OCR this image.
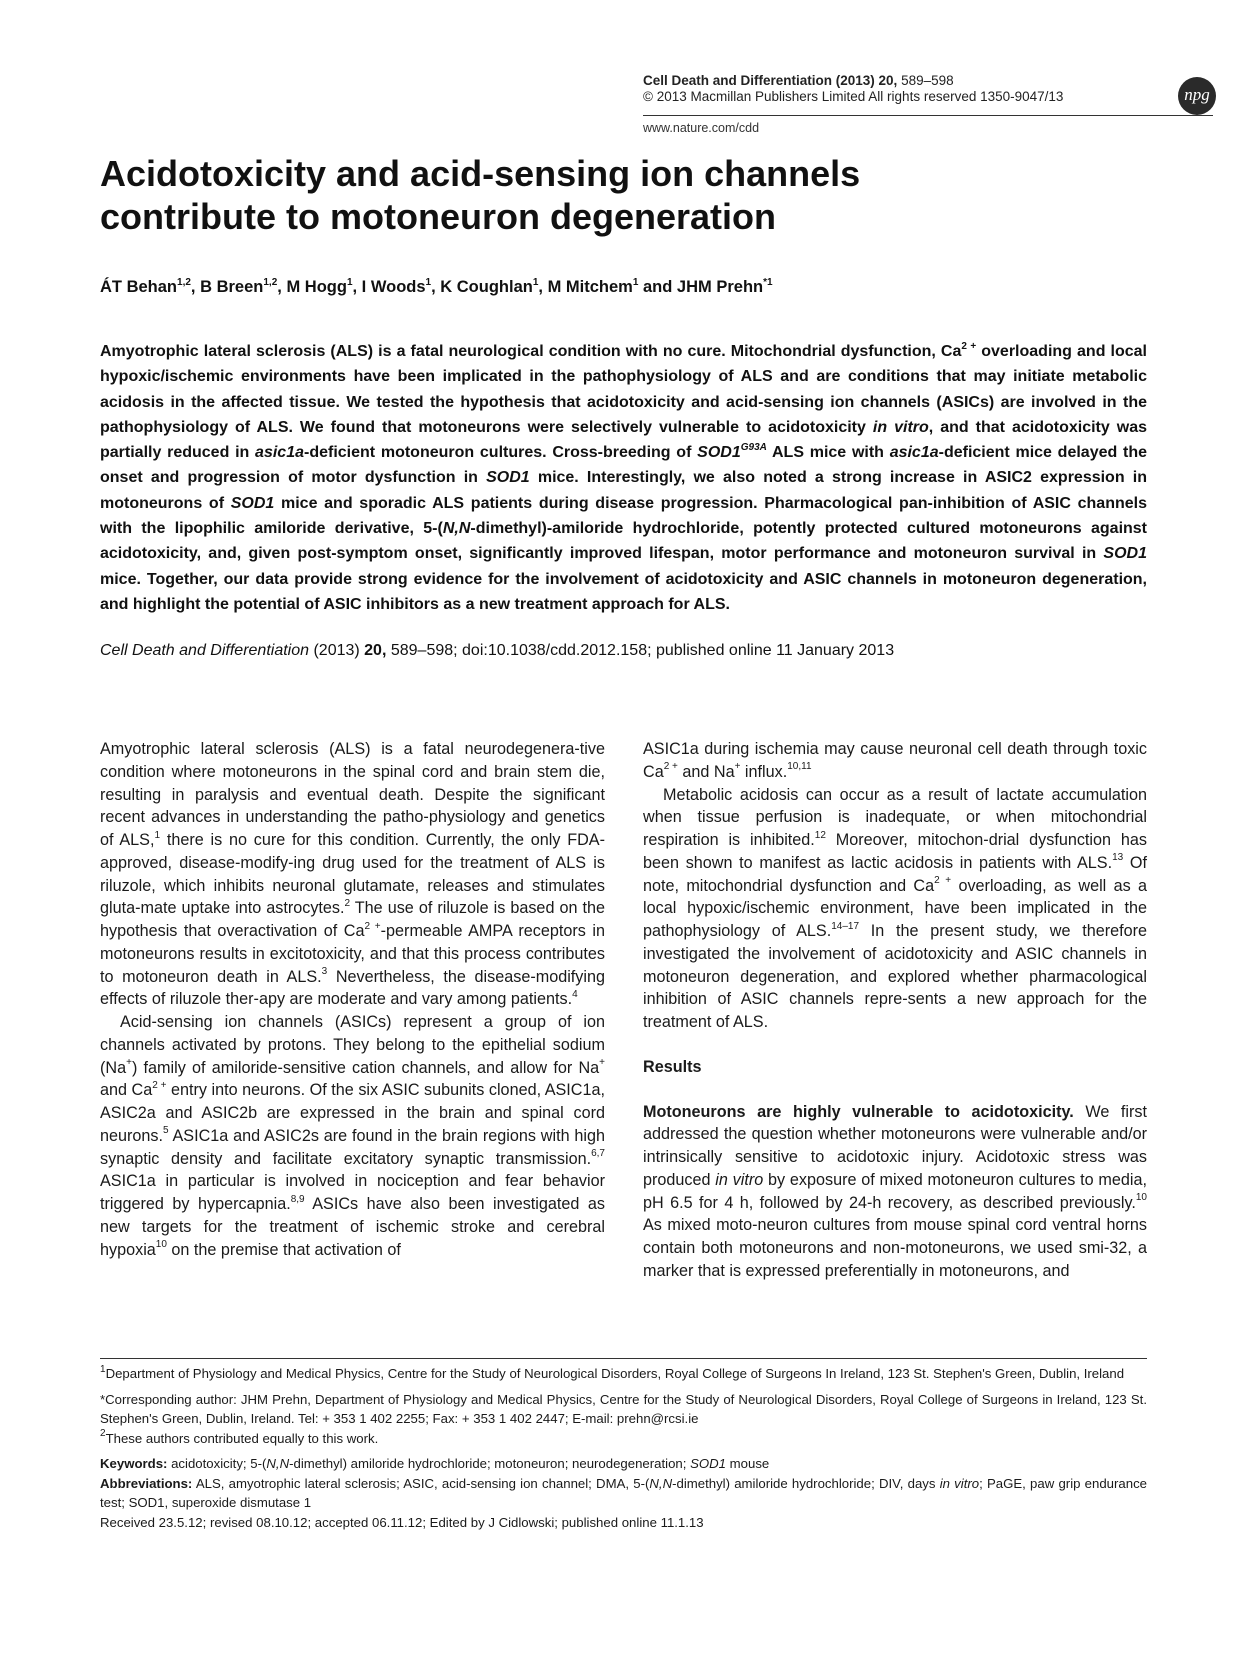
Cell Death and Differentiation (2013) 20, 589–598
© 2013 Macmillan Publishers Limited All rights reserved 1350-9047/13	npg
www.nature.com/cdd
Acidotoxicity and acid-sensing ion channels
contribute to motoneuron degeneration
ÁT Behan$^{1,2}$, B Breen$^{1,2}$, M Hogg$^1$, I Woods$^1$, K Coughlan$^1$, M Mitchem$^1$ and JHM Prehn$^{*1}$
Amyotrophic lateral sclerosis (ALS) is a fatal neurological condition with no cure. Mitochondrial dysfunction, $Ca^{2 +}$ overloading and local hypoxic/ischemic environments have been implicated in the pathophysiology of ALS and are conditions that may initiate metabolic acidosis in the affected tissue. We tested the hypothesis that acidotoxicity and acid-sensing ion channels (ASICs) are involved in the pathophysiology of ALS. We found that motoneurons were selectively vulnerable to acidotoxicity in vitro, and that acidotoxicity was partially reduced in asic1a-deficient motoneuron cultures. Cross-breeding of $SOD1^{G93A}$ ALS mice with asic1a-deficient mice delayed the onset and progression of motor dysfunction in SOD1 mice. Interestingly, we also noted a strong increase in ASIC2 expression in motoneurons of SOD1 mice and sporadic ALS patients during disease progression. Pharmacological pan-inhibition of ASIC channels with the lipophilic amiloride derivative, 5-(N,N-dimethyl)-amiloride hydrochloride, potently protected cultured motoneurons against acidotoxicity, and, given post-symptom onset, significantly improved lifespan, motor performance and motoneuron survival in SOD1 mice. Together, our data provide strong evidence for the involvement of acidotoxicity and ASIC channels in motoneuron degeneration, and highlight the potential of ASIC inhibitors as a new treatment approach for ALS.
Cell Death and Differentiation (2013) 20, 589–598; doi:10.1038/cdd.2012.158; published online 11 January 2013

Amyotrophic lateral sclerosis (ALS) is a fatal neurodegenera-tive condition where motoneurons in the spinal cord and brain stem die, resulting in paralysis and eventual death. Despite the significant recent advances in understanding the patho-physiology and genetics of ALS,$^1$ there is no cure for this condition. Currently, the only FDA-approved, disease-modify-ing drug used for the treatment of ALS is riluzole, which inhibits neuronal glutamate, releases and stimulates gluta-mate uptake into astrocytes.$^2$ The use of riluzole is based on the hypothesis that overactivation of $Ca^{2 +}$-permeable AMPA receptors in motoneurons results in excitotoxicity, and that this process contributes to motoneuron death in ALS.$^3$ Nevertheless, the disease-modifying effects of riluzole ther-apy are moderate and vary among patients.$^4$

Acid-sensing ion channels (ASICs) represent a group of ion channels activated by protons. They belong to the epithelial sodium (Na+) family of amiloride-sensitive cation channels, and allow for Na+ and $Ca^{2 +}$ entry into neurons. Of the six ASIC subunits cloned, ASIC1a, ASIC2a and ASIC2b are expressed in the brain and spinal cord neurons.$^5$ ASIC1a and ASIC2s are found in the brain regions with high synaptic density and facilitate excitatory synaptic transmission.$^{6,7}$ ASIC1a in particular is involved in nociception and fear behavior triggered by hypercapnia.$^{8,9}$ ASICs have also been investigated as new targets for the treatment of ischemic stroke and cerebral hypoxia$^{10}$ on the premise that activation of

ASIC1a during ischemia may cause neuronal cell death through toxic $Ca^{2 +}$ and Na+ influx.$^{10,11}$

Metabolic acidosis can occur as a result of lactate accumulation when tissue perfusion is inadequate, or when mitochondrial respiration is inhibited.$^{12}$ Moreover, mitochon-drial dysfunction has been shown to manifest as lactic acidosis in patients with ALS.$^{13}$ Of note, mitochondrial dysfunction and $Ca^{2 +}$ overloading, as well as a local hypoxic/ischemic environment, have been implicated in the pathophysiology of ALS.$^{14-17}$ In the present study, we therefore investigated the involvement of acidotoxicity and ASIC channels in motoneuron degeneration, and explored whether pharmacological inhibition of ASIC channels repre-sents a new approach for the treatment of ALS.

Results

Motoneurons are highly vulnerable to acidotoxicity. We first addressed the question whether motoneurons were vulnerable and/or intrinsically sensitive to acidotoxic injury. Acidotoxic stress was produced in vitro by exposure of mixed motoneuron cultures to media, pH 6.5 for 4 h, followed by 24-h recovery, as described previously.$^{10}$ As mixed moto-neuron cultures from mouse spinal cord ventral horns contain both motoneurons and non-motoneurons, we used smi-32, a marker that is expressed preferentially in motoneurons, and

$^1$Department of Physiology and Medical Physics, Centre for the Study of Neurological Disorders, Royal College of Surgeons In Ireland, 123 St. Stephen's Green, Dublin, Ireland

*Corresponding author: JHM Prehn, Department of Physiology and Medical Physics, Centre for the Study of Neurological Disorders, Royal College of Surgeons in Ireland, 123 St. Stephen's Green, Dublin, Ireland. Tel: + 353 1 402 2255; Fax: + 353 1 402 2447; E-mail: prehn@rcsi.ie

$^2$These authors contributed equally to this work.

Keywords: acidotoxicity; 5-(N,N-dimethyl) amiloride hydrochloride; motoneuron; neurodegeneration; SOD1 mouse

Abbreviations: ALS, amyotrophic lateral sclerosis; ASIC, acid-sensing ion channel; DMA, 5-(N,N-dimethyl) amiloride hydrochloride; DIV, days in vitro; PaGE, paw grip endurance test; SOD1, superoxide dismutase 1

Received 23.5.12; revised 08.10.12; accepted 06.11.12; Edited by J Cidlowski; published online 11.1.13
